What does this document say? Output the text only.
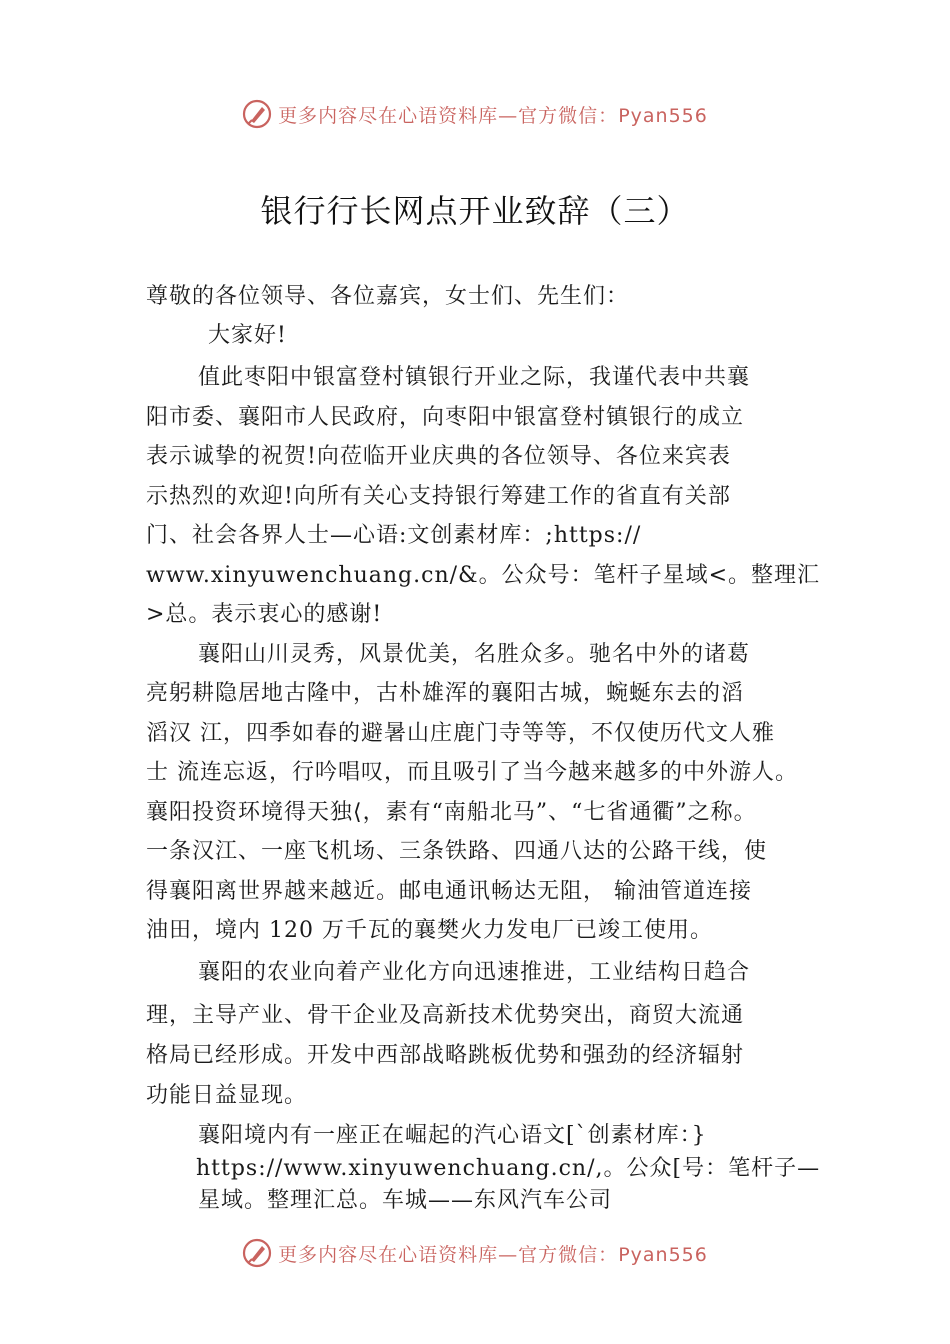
更多内容尽在心语资料库—官方微信：Pyan556
银行行长网点开业致辞（三）
尊敬的各位领导、各位嘉宾，女士们、先生们：
大家好!
值此枣阳中银富登村镇银行开业之际，我谨代表中共襄
阳市委、襄阳市人民政府，向枣阳中银富登村镇银行的成立
表示诚挚的祝贺!向莅临开业庆典的各位领导、各位来宾表
示热烈的欢迎!向所有关心支持银行筹建工作的省直有关部
门、社会各界人士—心语:文创素材库：;https://
www.xinyuwenchuang.cn/&。公众号：笔杆子星域<。整理汇
>总。表示衷心的感谢!
襄阳山川灵秀，风景优美，名胜众多。驰名中外的诸葛
亮躬耕隐居地古隆中，古朴雄浑的襄阳古城，蜿蜒东去的滔
滔汉 江，四季如春的避暑山庄鹿门寺等等，不仅使历代文人雅
士 流连忘返，行吟唱叹，而且吸引了当今越来越多的中外游人。
襄阳投资环境得天独⟨，素有“南船北马”、“七省通衢”之称。
一条汉江、一座飞机场、三条铁路、四通八达的公路干线，使
得襄阳离世界越来越近。邮电通讯畅达无阻， 输油管道连接
油田，境内 120 万千瓦的襄樊火力发电厂已竣工使用。
襄阳的农业向着产业化方向迅速推进，工业结构日趋合
理，主导产业、骨干企业及高新技术优势突出，商贸大流通
格局已经形成。开发中西部战略跳板优势和强劲的经济辐射
功能日益显现。
襄阳境内有一座正在崛起的汽心语文[`创素材库：}
https://www.xinyuwenchuang.cn/,。公众[号：笔杆子—
星域。整理汇总。车城——东风汽车公司
更多内容尽在心语资料库—官方微信：Pyan556
